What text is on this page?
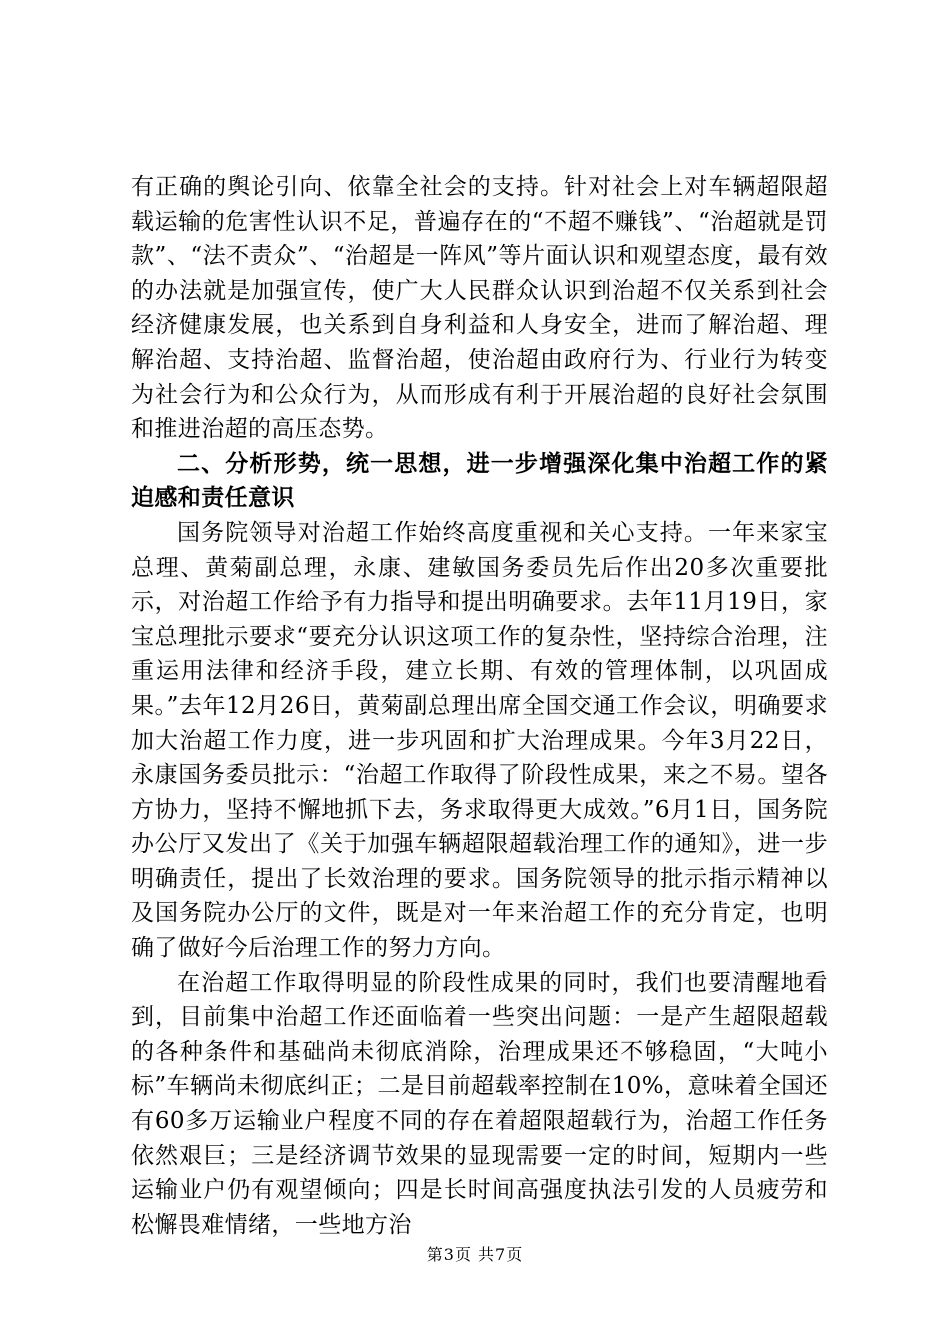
有正确的舆论引向、依靠全社会的支持。针对社会上对车辆超限超载运输的危害性认识不足，普遍存在的“不超不赚钱”、“治超就是罚款”、“法不责众”、“治超是一阵风”等片面认识和观望态度，最有效的办法就是加强宣传，使广大人民群众认识到治超不仅关系到社会经济健康发展，也关系到自身利益和人身安全，进而了解治超、理解治超、支持治超、监督治超，使治超由政府行为、行业行为转变为社会行为和公众行为，从而形成有利于开展治超的良好社会氛围和推进治超的高压态势。

二、分析形势，统一思想，进一步增强深化集中治超工作的紧迫感和责任意识

国务院领导对治超工作始终高度重视和关心支持。一年来家宝总理、黄菊副总理，永康、建敏国务委员先后作出20多次重要批示，对治超工作给予有力指导和提出明确要求。去年11月19日，家宝总理批示要求“要充分认识这项工作的复杂性，坚持综合治理，注重运用法律和经济手段，建立长期、有效的管理体制，以巩固成果。”去年12月26日，黄菊副总理出席全国交通工作会议，明确要求加大治超工作力度，进一步巩固和扩大治理成果。今年3月22日，永康国务委员批示：“治超工作取得了阶段性成果，来之不易。望各方协力，坚持不懈地抓下去，务求取得更大成效。”6月1日，国务院办公厅又发出了《关于加强车辆超限超载治理工作的通知》，进一步明确责任，提出了长效治理的要求。国务院领导的批示指示精神以及国务院办公厅的文件，既是对一年来治超工作的充分肯定，也明确了做好今后治理工作的努力方向。

在治超工作取得明显的阶段性成果的同时，我们也要清醒地看到，目前集中治超工作还面临着一些突出问题：一是产生超限超载的各种条件和基础尚未彻底消除，治理成果还不够稳固，“大吨小标”车辆尚未彻底纠正；二是目前超载率控制在10%，意味着全国还有60多万运输业户程度不同的存在着超限超载行为，治超工作任务依然艰巨；三是经济调节效果的显现需要一定的时间，短期内一些运输业户仍有观望倾向；四是长时间高强度执法引发的人员疲劳和松懈畏难情绪，一些地方治

第3页 共7页
